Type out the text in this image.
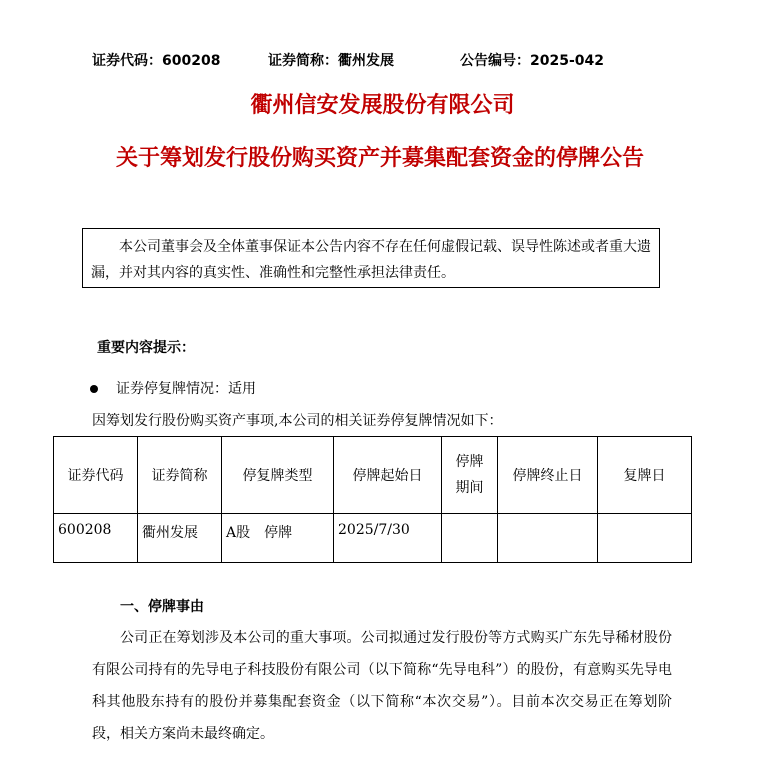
证券代码：600208	证券简称：衢州发展	公告编号：2025-042
衢州信安发展股份有限公司
关于筹划发行股份购买资产并募集配套资金的停牌公告

本公司董事会及全体董事保证本公告内容不存在任何虚假记载、误导性陈述或者重大遗漏，并对其内容的真实性、准确性和完整性承担法律责任。

重要内容提示：
证券停复牌情况：适用
因筹划发行股份购买资产事项,本公司的相关证券停复牌情况如下：
证券代码	证券简称	停复牌类型	停牌起始日	停牌期间	停牌终止日	复牌日
600208	衢州发展	A股　停牌	2025/7/30			
一、停牌事由

公司正在筹划涉及本公司的重大事项。公司拟通过发行股份等方式购买广东先导稀材股份有限公司持有的先导电子科技股份有限公司（以下简称“先导电科”）的股份，有意购买先导电科其他股东持有的股份并募集配套资金（以下简称“本次交易”）。目前本次交易正在筹划阶段，相关方案尚未最终确定。
